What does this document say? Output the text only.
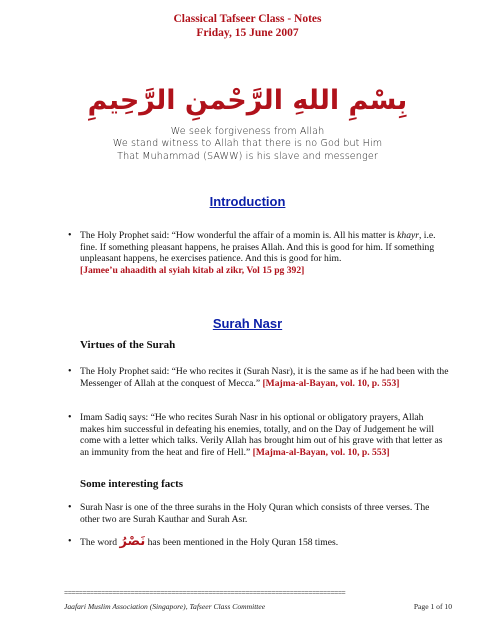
Classical Tafseer Class - Notes
Friday, 15 June 2007
بِسْمِ اللهِ الرَّحْمنِ الرَّحِيمِ
We seek forgiveness from Allah
We stand witness to Allah that there is no God but Him
That Muhammad (SAWW) is his slave and messenger
Introduction
• The Holy Prophet said: “How wonderful the affair of a momin is. All his matter is khayr, i.e. fine. If something pleasant happens, he praises Allah. And this is good for him. If something unpleasant happens, he exercises patience. And this is good for him.
[Jamee’u ahaadith al syiah kitab al zikr, Vol 15 pg 392]
Surah Nasr
Virtues of the Surah
• The Holy Prophet said: “He who recites it (Surah Nasr), it is the same as if he had been with the Messenger of Allah at the conquest of Mecca.” [Majma-al-Bayan, vol. 10, p. 553]
• Imam Sadiq says: “He who recites Surah Nasr in his optional or obligatory prayers, Allah makes him successful in defeating his enemies, totally, and on the Day of Judgement he will come with a letter which talks. Verily Allah has brought him out of his grave with that letter as an immunity from the heat and fire of Hell.” [Majma-al-Bayan, vol. 10, p. 553]
Some interesting facts
• Surah Nasr is one of the three surahs in the Holy Quran which consists of three verses. The other two are Surah Kauthar and Surah Asr.
• The word نَصْرُ has been mentioned in the Holy Quran 158 times.
============================================================================
Jaafari Muslim Association (Singapore), Tafseer Class Committee	Page 1 of 10
